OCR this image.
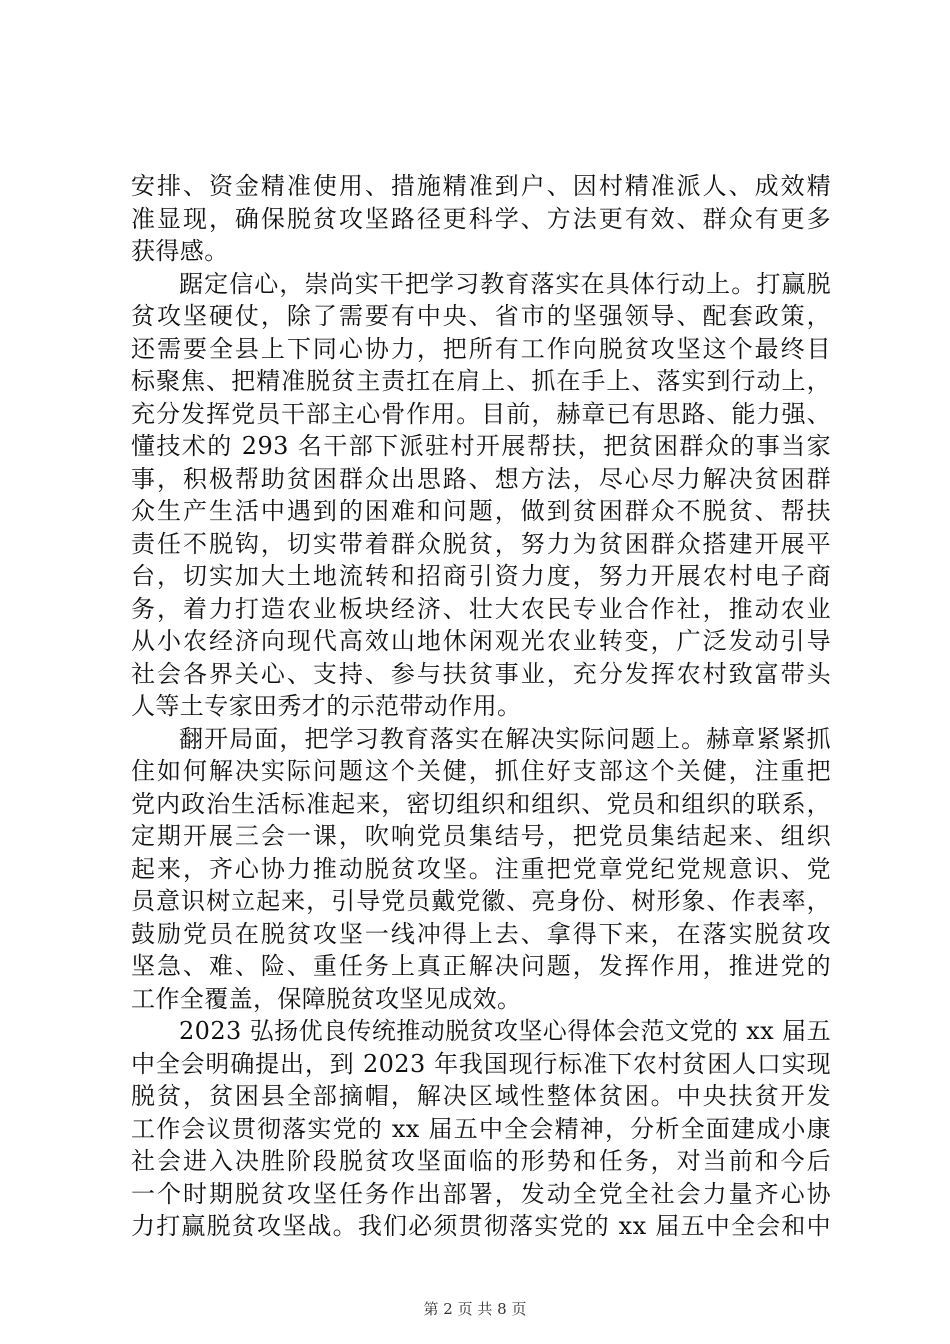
安排、资金精准使用、措施精准到户、因村精准派人、成效精
准显现，确保脱贫攻坚路径更科学、方法更有效、群众有更多
获得感。
踞定信心，崇尚实干把学习教育落实在具体行动上。打赢脱
贫攻坚硬仗，除了需要有中央、省市的坚强领导、配套政策，
还需要全县上下同心协力，把所有工作向脱贫攻坚这个最终目
标聚焦、把精准脱贫主责扛在肩上、抓在手上、落实到行动上，
充分发挥党员干部主心骨作用。目前，赫章已有思路、能力强、
懂技术的 293 名干部下派驻村开展帮扶，把贫困群众的事当家
事，积极帮助贫困群众出思路、想方法，尽心尽力解决贫困群
众生产生活中遇到的困难和问题，做到贫困群众不脱贫、帮扶
责任不脱钩，切实带着群众脱贫，努力为贫困群众搭建开展平
台，切实加大土地流转和招商引资力度，努力开展农村电子商
务，着力打造农业板块经济、壮大农民专业合作社，推动农业
从小农经济向现代高效山地休闲观光农业转变，广泛发动引导
社会各界关心、支持、参与扶贫事业，充分发挥农村致富带头
人等土专家田秀才的示范带动作用。
翻开局面，把学习教育落实在解决实际问题上。赫章紧紧抓
住如何解决实际问题这个关健，抓住好支部这个关健，注重把
党内政治生活标准起来，密切组织和组织、党员和组织的联系，
定期开展三会一课，吹响党员集结号，把党员集结起来、组织
起来，齐心协力推动脱贫攻坚。注重把党章党纪党规意识、党
员意识树立起来，引导党员戴党徽、亮身份、树形象、作表率，
鼓励党员在脱贫攻坚一线冲得上去、拿得下来，在落实脱贫攻
坚急、难、险、重任务上真正解决问题，发挥作用，推进党的
工作全覆盖，保障脱贫攻坚见成效。
2023 弘扬优良传统推动脱贫攻坚心得体会范文党的 xx 届五
中全会明确提出，到 2023 年我国现行标准下农村贫困人口实现
脱贫，贫困县全部摘帽，解决区域性整体贫困。中央扶贫开发
工作会议贯彻落实党的 xx 届五中全会精神，分析全面建成小康
社会进入决胜阶段脱贫攻坚面临的形势和任务，对当前和今后
一个时期脱贫攻坚任务作出部署，发动全党全社会力量齐心协
力打赢脱贫攻坚战。我们必须贯彻落实党的 xx 届五中全会和中
第 2 页 共 8 页
